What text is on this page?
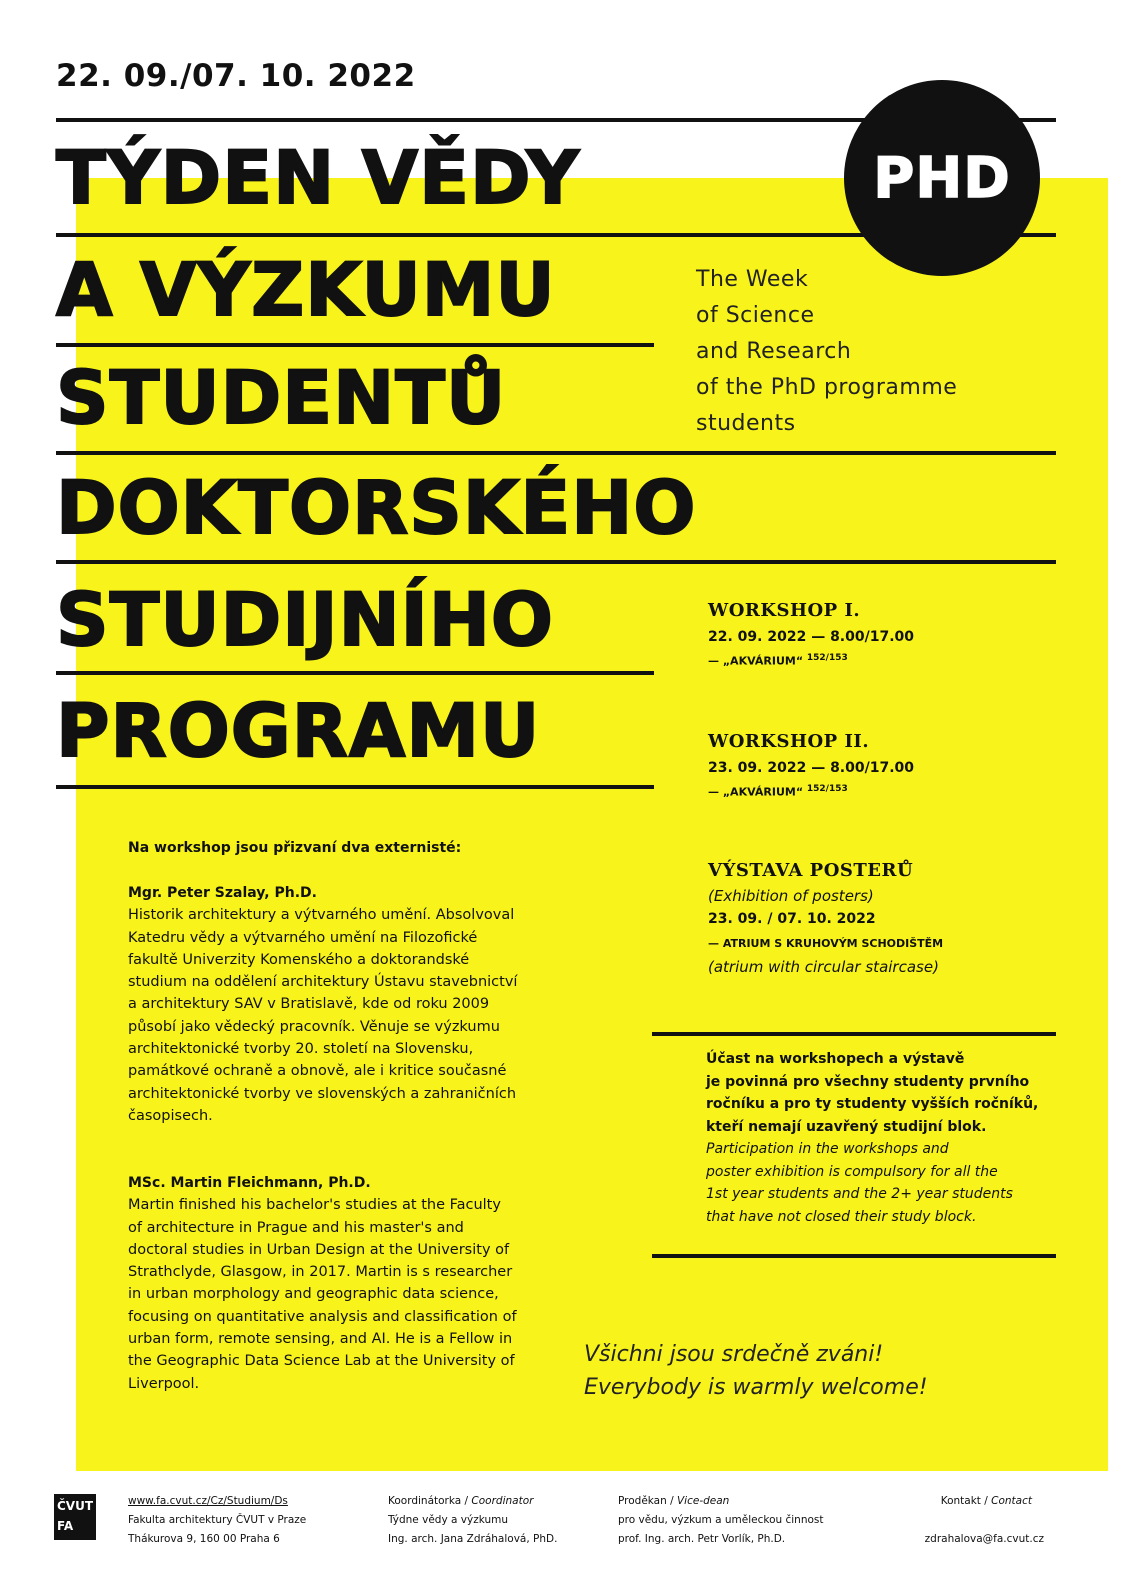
22. 09./07. 10. 2022
TÝDEN VĚDY
A VÝZKUMU
STUDENTŮ
DOKTORSKÉHO
STUDIJNÍHO
PROGRAMU
PHD
The Week
of Science
and Research
of the PhD programme
students
WORKSHOP I.
22. 09. 2022 — 8.00/17.00
— „AKVÁRIUM“ $^{152/153}$
WORKSHOP II.
23. 09. 2022 — 8.00/17.00
— „AKVÁRIUM“ $^{152/153}$
VÝSTAVA POSTERŮ
(Exhibition of posters)
23. 09. / 07. 10. 2022
— ATRIUM S KRUHOVÝM SCHODIŠTĚM
(atrium with circular staircase)
Na workshop jsou přizvaní dva externisté:
Mgr. Peter Szalay, Ph.D.
Historik architektury a výtvarného umění. Absolvoval
Katedru vědy a výtvarného umění na Filozofické
fakultě Univerzity Komenského a doktorandské
studium na oddělení architektury Ústavu stavebnictví
a architektury SAV v Bratislavě, kde od roku 2009
působí jako vědecký pracovník. Věnuje se výzkumu
architektonické tvorby 20. století na Slovensku,
památkové ochraně a obnově, ale i kritice současné
architektonické tvorby ve slovenských a zahraničních
časopisech.
MSc. Martin Fleichmann, Ph.D.
Martin finished his bachelor's studies at the Faculty
of architecture in Prague and his master's and
doctoral studies in Urban Design at the University of
Strathclyde, Glasgow, in 2017. Martin is s researcher
in urban morphology and geographic data science,
focusing on quantitative analysis and classification of
urban form, remote sensing, and AI. He is a Fellow in
the Geographic Data Science Lab at the University of
Liverpool.
Účast na workshopech a výstavě
je povinná pro všechny studenty prvního
ročníku a pro ty studenty vyšších ročníků,
kteří nemají uzavřený studijní blok.
Participation in the workshops and
poster exhibition is compulsory for all the
1st year students and the 2+ year students
that have not closed their study block.
Všichni jsou srdečně zváni!
Everybody is warmly welcome!
ČVUT
FA
www.fa.cvut.cz/Cz/Studium/Ds
Fakulta architektury ČVUT v Praze
Thákurova 9, 160 00 Praha 6
Koordinátorka / Coordinator
Týdne vědy a výzkumu
Ing. arch. Jana Zdráhalová, PhD.
Proděkan / Vice-dean
pro vědu, výzkum a uměleckou činnost
prof. Ing. arch. Petr Vorlík, Ph.D.
Kontakt / Contact
zdrahalova@fa.cvut.cz
